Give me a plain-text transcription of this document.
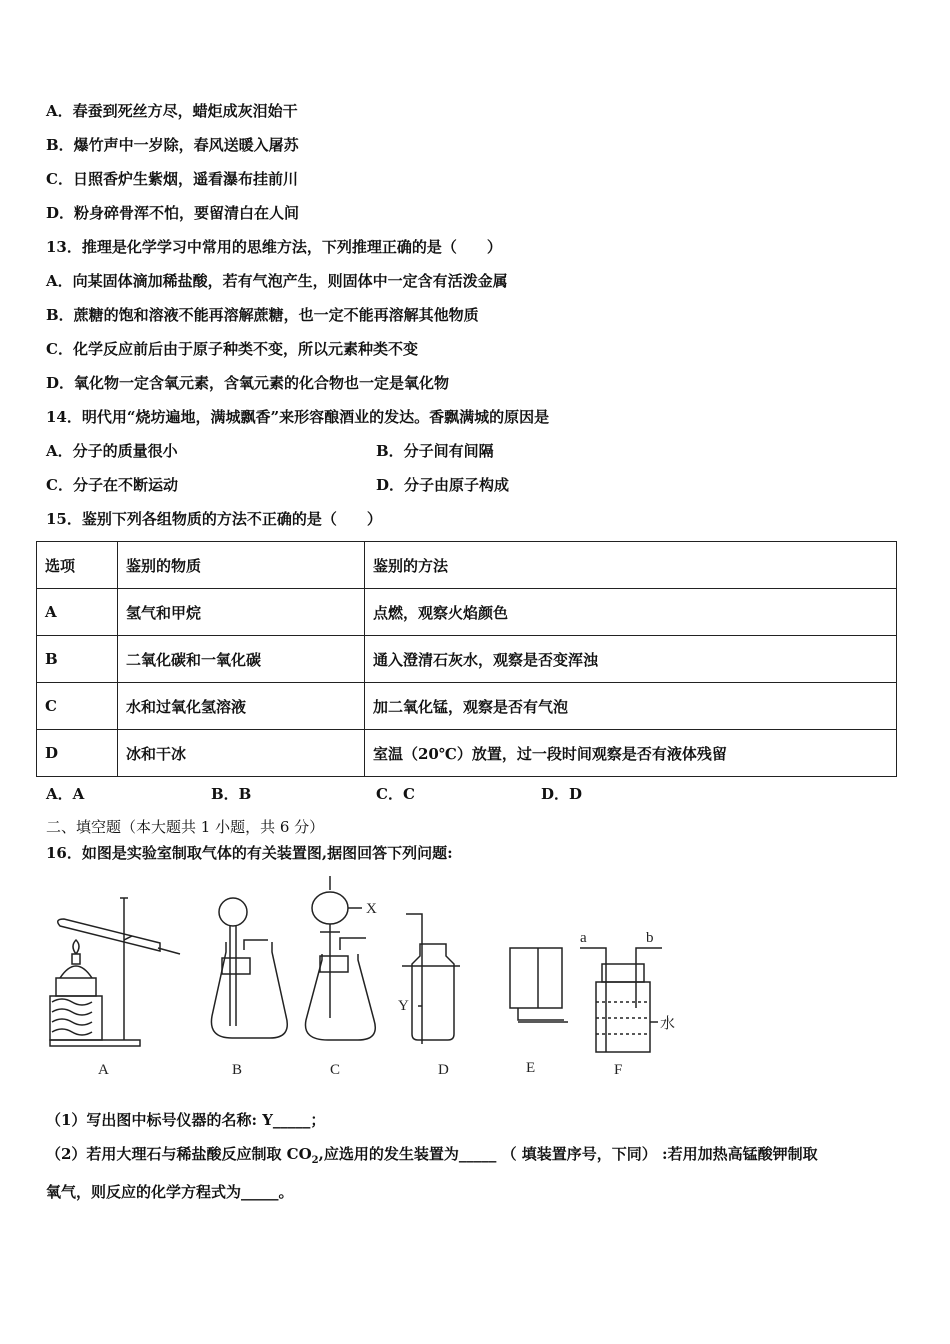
A．春蚕到死丝方尽，蜡炬成灰泪始干
B．爆竹声中一岁除，春风送暖入屠苏
C．日照香炉生紫烟，遥看瀑布挂前川
D．粉身碎骨浑不怕，要留清白在人间
13．推理是化学学习中常用的思维方法，下列推理正确的是（　　）
A．向某固体滴加稀盐酸，若有气泡产生，则固体中一定含有活泼金属
B．蔗糖的饱和溶液不能再溶解蔗糖，也一定不能再溶解其他物质
C．化学反应前后由于原子种类不变，所以元素种类不变
D．氧化物一定含氧元素，含氧元素的化合物也一定是氧化物
14．明代用“烧坊遍地，满城飘香”来形容酿酒业的发达。香飘满城的原因是
A．分子的质量很小	B．分子间有间隔
C．分子在不断运动	D．分子由原子构成
15．鉴别下列各组物质的方法不正确的是（　　）
选项	鉴别的物质	鉴别的方法
A	氢气和甲烷	点燃，观察火焰颜色
B	二氧化碳和一氧化碳	通入澄清石灰水，观察是否变浑浊
C	水和过氧化氢溶液	加二氧化锰，观察是否有气泡
D	冰和干冰	室温（20℃）放置，过一段时间观察是否有液体残留
A．A	B．B	C．C	D．D
二、填空题（本大题共 1 小题，共 6 分）
16．如图是实验室制取气体的有关装置图,据图回答下列问题:
A	B
X
C
Y
D	E
a	b
水
F
（1）写出图中标号仪器的名称: Y_____；
（2）若用大理石与稀盐酸反应制取 $CO_2$,应选用的发生装置为_____ （ 填装置序号，下同） :若用加热高锰酸钾制取
氧气，则反应的化学方程式为_____。
